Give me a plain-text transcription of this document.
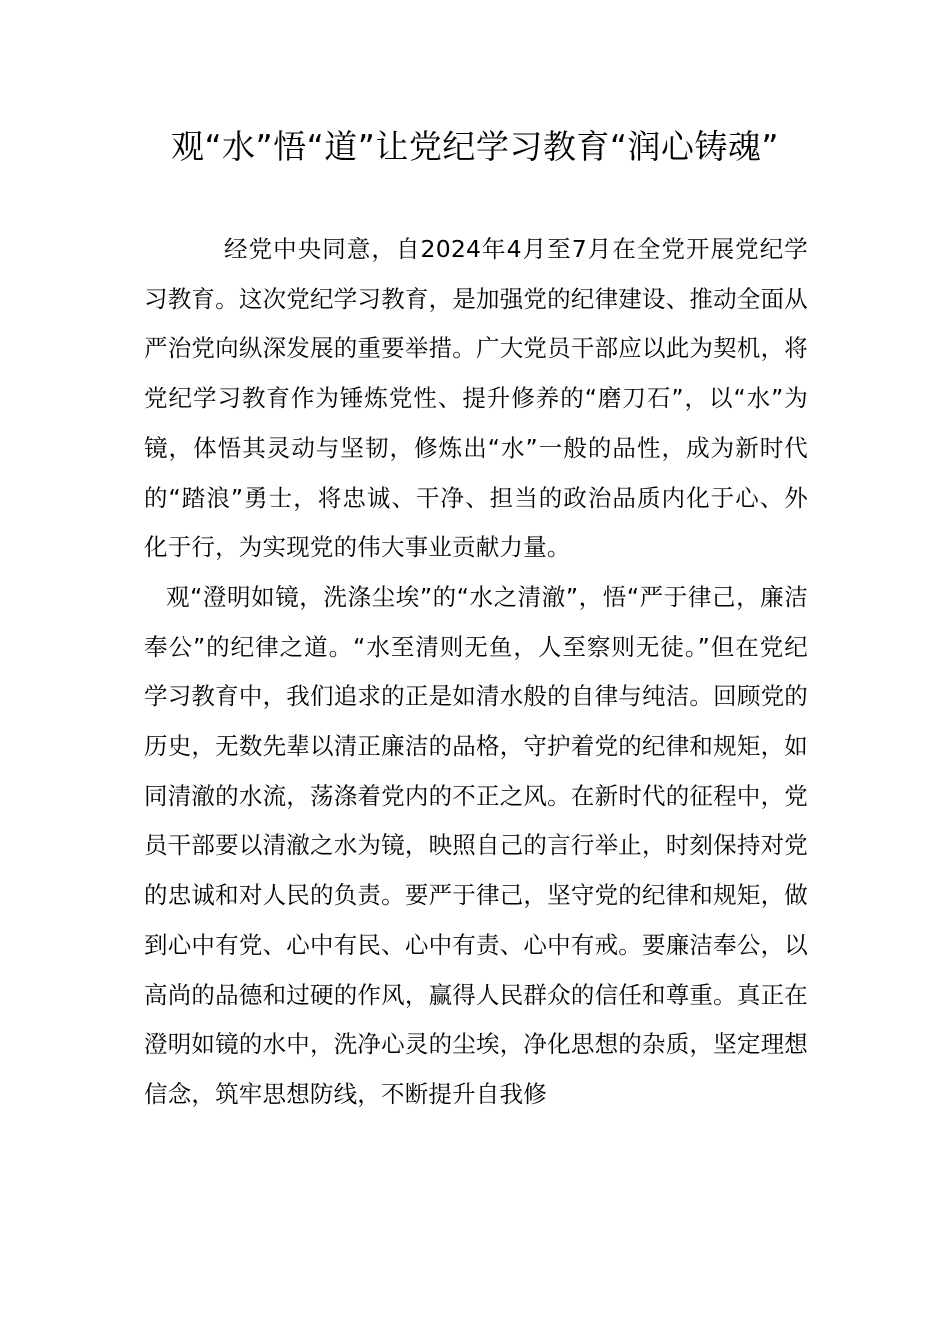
观“水”悟“道”让党纪学习教育“润心铸魂”

经党中央同意，自2024年4月至7月在全党开展党纪学习教育。这次党纪学习教育，是加强党的纪律建设、推动全面从严治党向纵深发展的重要举措。广大党员干部应以此为契机，将党纪学习教育作为锤炼党性、提升修养的“磨刀石”，以“水”为镜，体悟其灵动与坚韧，修炼出“水”一般的品性，成为新时代的“踏浪”勇士，将忠诚、干净、担当的政治品质内化于心、外化于行，为实现党的伟大事业贡献力量。

观“澄明如镜，洗涤尘埃”的“水之清澈”，悟“严于律己，廉洁奉公”的纪律之道。“水至清则无鱼，人至察则无徒。”但在党纪学习教育中，我们追求的正是如清水般的自律与纯洁。回顾党的历史，无数先辈以清正廉洁的品格，守护着党的纪律和规矩，如同清澈的水流，荡涤着党内的不正之风。在新时代的征程中，党员干部要以清澈之水为镜，映照自己的言行举止，时刻保持对党的忠诚和对人民的负责。要严于律己，坚守党的纪律和规矩，做到心中有党、心中有民、心中有责、心中有戒。要廉洁奉公，以高尚的品德和过硬的作风，赢得人民群众的信任和尊重。真正在澄明如镜的水中，洗净心灵的尘埃，净化思想的杂质，坚定理想信念，筑牢思想防线，不断提升自我修
